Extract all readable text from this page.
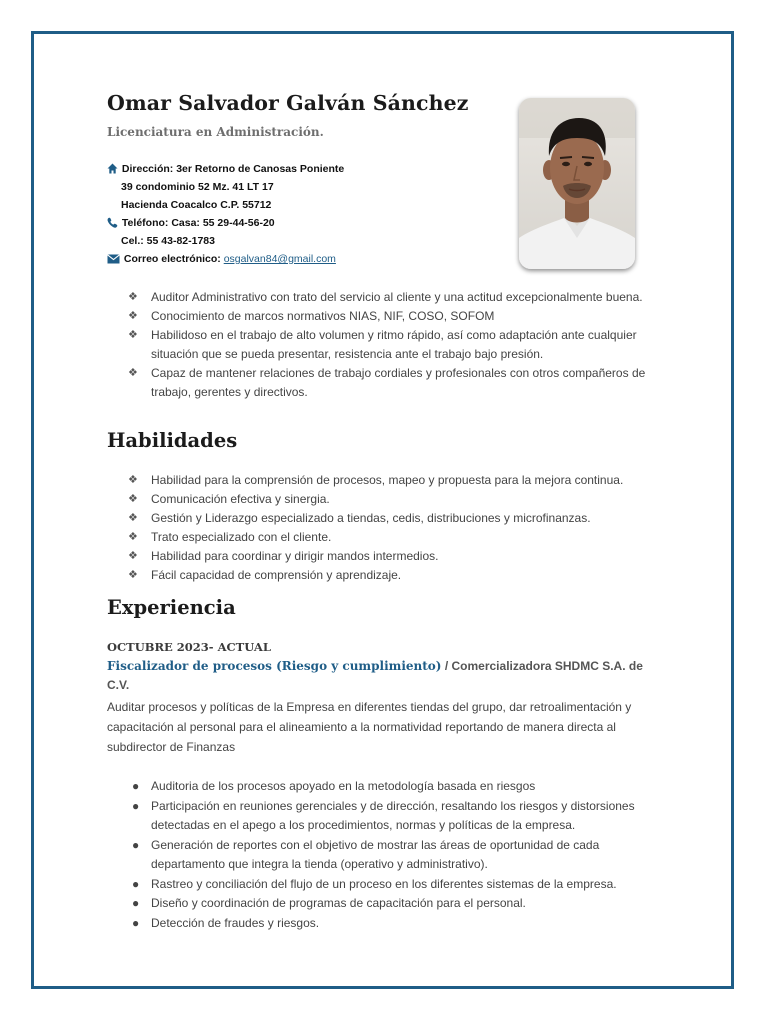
Omar Salvador Galván Sánchez
Licenciatura en Administración.
Dirección: 3er Retorno de Canosas Poniente
39 condominio 52 Mz. 41 LT 17
Hacienda Coacalco C.P. 55712
Teléfono: Casa: 55 29-44-56-20
Cel.: 55 43-82-1783
Correo electrónico: osgalvan84@gmail.com
❖ Auditor Administrativo con trato del servicio al cliente y una actitud excepcionalmente buena.
❖ Conocimiento de marcos normativos NIAS, NIF, COSO, SOFOM
❖ Habilidoso en el trabajo de alto volumen y ritmo rápido, así como adaptación ante cualquier situación que se pueda presentar, resistencia ante el trabajo bajo presión.
❖ Capaz de mantener relaciones de trabajo cordiales y profesionales con otros compañeros de trabajo, gerentes y directivos.
Habilidades
❖ Habilidad para la comprensión de procesos, mapeo y propuesta para la mejora continua.
❖ Comunicación efectiva y sinergia.
❖ Gestión y Liderazgo especializado a tiendas, cedis, distribuciones y microfinanzas.
❖ Trato especializado con el cliente.
❖ Habilidad para coordinar y dirigir mandos intermedios.
❖ Fácil capacidad de comprensión y aprendizaje.
Experiencia
OCTUBRE 2023- ACTUAL
Fiscalizador de procesos (Riesgo y cumplimiento) / Comercializadora SHDMC S.A. de C.V.
Auditar procesos y políticas de la Empresa en diferentes tiendas del grupo, dar retroalimentación y capacitación al personal para el alineamiento a la normatividad reportando de manera directa al subdirector de Finanzas
● Auditoria de los procesos apoyado en la metodología basada en riesgos
● Participación en reuniones gerenciales y de dirección, resaltando los riesgos y distorsiones detectadas en el apego a los procedimientos, normas y políticas de la empresa.
● Generación de reportes con el objetivo de mostrar las áreas de oportunidad de cada departamento que integra la tienda (operativo y administrativo).
● Rastreo y conciliación del flujo de un proceso en los diferentes sistemas de la empresa.
● Diseño y coordinación de programas de capacitación para el personal.
● Detección de fraudes y riesgos.
